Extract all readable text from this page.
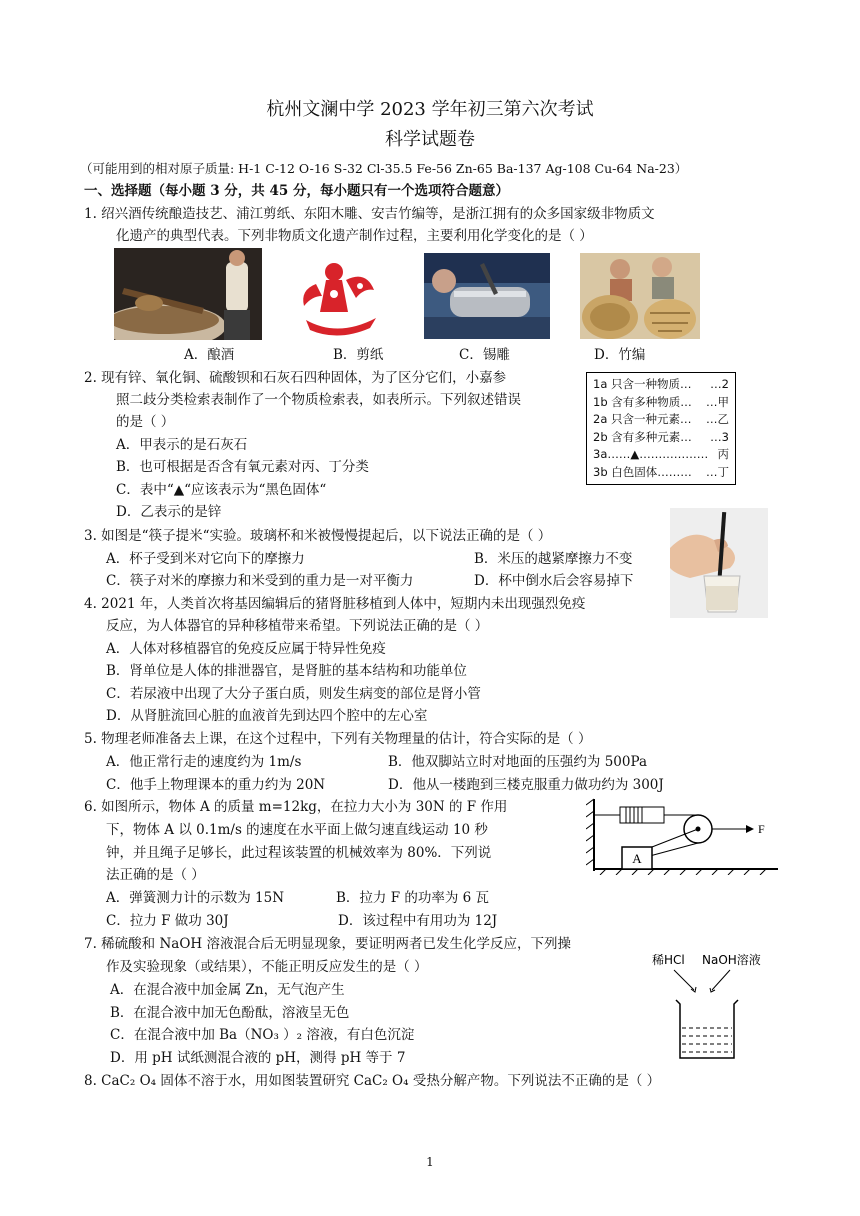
杭州文澜中学 2023 学年初三第六次考试
科学试题卷
（可能用到的相对原子质量: H-1 C-12 O-16 S-32 Cl-35.5 Fe-56 Zn-65 Ba-137 Ag-108 Cu-64 Na-23）
一、选择题（每小题 3 分，共 45 分，每小题只有一个选项符合题意）
1. 绍兴酒传统酿造技艺、浦江剪纸、东阳木雕、安吉竹编等，是浙江拥有的众多国家级非物质文
化遗产的典型代表。下列非物质文化遗产制作过程，主要利用化学变化的是（ ）
A．酿酒	B．剪纸	C．锡雕	D．竹编
2. 现有锌、氧化铜、硫酸钡和石灰石四种固体，为了区分它们，小嘉参
照二歧分类检索表制作了一个物质检索表，如表所示。下列叙述错误
的是（ ）
A．甲表示的是石灰石
B．也可根据是否含有氧元素对丙、丁分类
C．表中“▲“应该表示为“黑色固体“
D．乙表示的是锌
1a 只含一种物质… …2
1b 含有多种物质… …甲
2a 只含一种元素… …乙
2b 含有多种元素… …3
3a……▲……………… 丙
3b 白色固体……… …丁
3. 如图是“筷子提米“实验。玻璃杯和米被慢慢提起后，以下说法正确的是（ ）
A．杯子受到米对它向下的摩擦力	B．米压的越紧摩擦力不变
C．筷子对米的摩擦力和米受到的重力是一对平衡力	D．杯中倒水后会容易掉下
4. 2021 年，人类首次将基因编辑后的猪肾脏移植到人体中，短期内未出现强烈免疫
反应，为人体器官的异种移植带来希望。下列说法正确的是（ ）
A．人体对移植器官的免疫反应属于特异性免疫
B．肾单位是人体的排泄器官，是肾脏的基本结构和功能单位
C．若尿液中出现了大分子蛋白质，则发生病变的部位是肾小管
D．从肾脏流回心脏的血液首先到达四个腔中的左心室
5. 物理老师准备去上课，在这个过程中，下列有关物理量的估计，符合实际的是（ ）
A．他正常行走的速度约为 1m/s	B．他双脚站立时对地面的压强约为 500Pa
C．他手上物理课本的重力约为 20N	D．他从一楼跑到三楼克服重力做功约为 300J
6. 如图所示，物体 A 的质量 m=12kg，在拉力大小为 30N 的 F 作用
下，物体 A 以 0.1m/s 的速度在水平面上做匀速直线运动 10 秒
钟，并且绳子足够长，此过程该装置的机械效率为 80%．下列说
法正确的是（ ）
A．弹簧测力计的示数为 15N	B．拉力 F 的功率为 6 瓦
C．拉力 F 做功 30J	D．该过程中有用功为 12J
A
F
7. 稀硫酸和 NaOH 溶液混合后无明显现象，要证明两者已发生化学反应，下列操
作及实验现象（或结果），不能正明反应发生的是（ ）
A．在混合液中加金属 Zn，无气泡产生
B．在混合液中加无色酚酞，溶液呈无色
C．在混合液中加 Ba（NO₃ ）₂ 溶液，有白色沉淀
D．用 pH 试纸测混合液的 pH，测得 pH 等于 7
稀HCl NaOH溶液
8. CaC₂ O₄ 固体不溶于水，用如图装置研究 CaC₂ O₄ 受热分解产物。下列说法不正确的是（ ）
1
